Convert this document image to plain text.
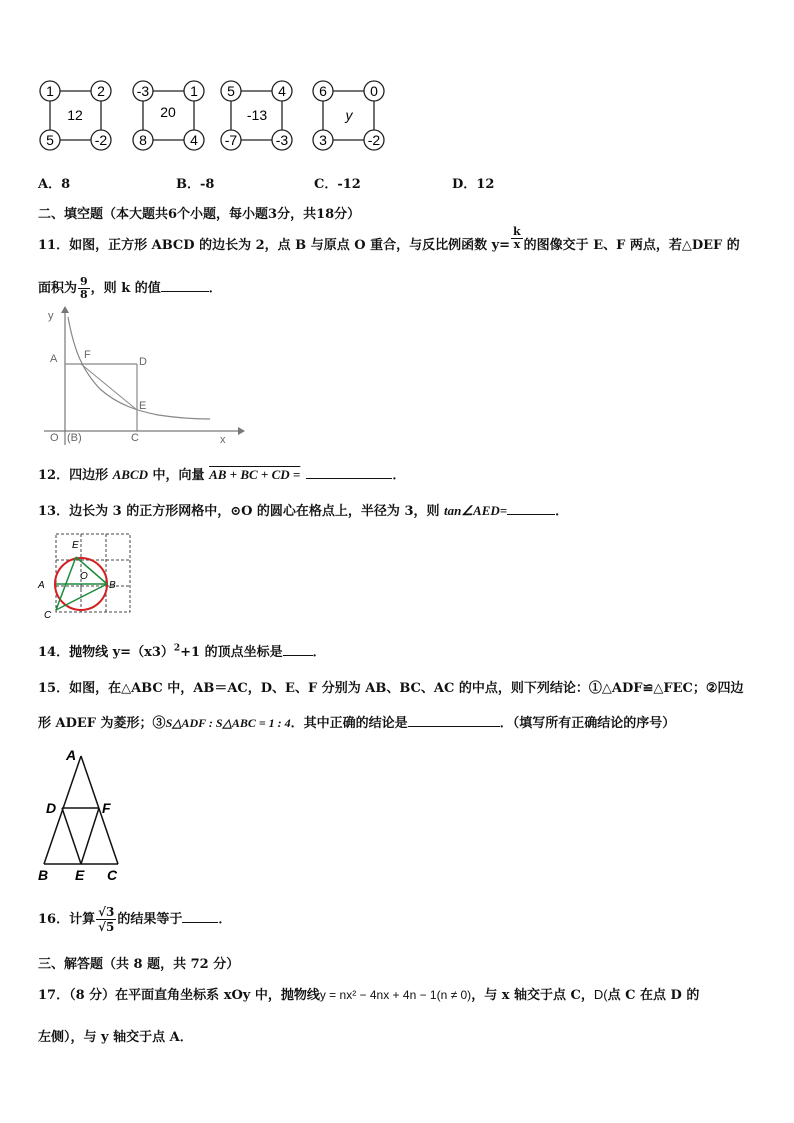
1	2
5	-2
12
-3	1
8	4
20
5	4
-7	-3
-13
6	0
3	-2
y
A．8	B．-8	C．-12	D．12
二、填空题（本大题共6个小题，每小题3分，共18分）
11．如图，正方形 ABCD 的边长为 2，点 B 与原点 O 重合，与反比例函数 $y= \frac{k}{x}$ 的图像交于 E、F 两点，若△DEF 的
面积为 $\frac{9}{8}$ ，则 k 的值	．
y
x
A F
D
E
O (B)	C
12．四边形 ABCD 中，向量 AB + BC + CD =	．
13．边长为 3 的正方形网格中，⊙O 的圆心在格点上，半径为 3，则 tan∠AED=	．
E
O
A	B
C
14．抛物线 $y=(x3)^2+1$ 的顶点坐标是 ．
15．如图，在△ABC 中，AB＝AC，D、E、F 分别为 AB、BC、AC 的中点，则下列结论：①△ADF≌△FEC；②四边
形 ADEF 为菱形；③S△ADF : S△ABC = 1 : 4．其中正确的结论是	．（填写所有正确结论的序号）
A
D	F
B E C
16．计算 $\frac{√3}{√5}$ 的结果等于	．
三、解答题（共 8 题，共 72 分）
17．（8 分）在平面直角坐标系 xOy 中，抛物线y = nx² − 4nx + 4n − 1(n ≠ 0)，与 x 轴交于点 C，D(点 C 在点 D 的
左侧），与 y 轴交于点 A．
